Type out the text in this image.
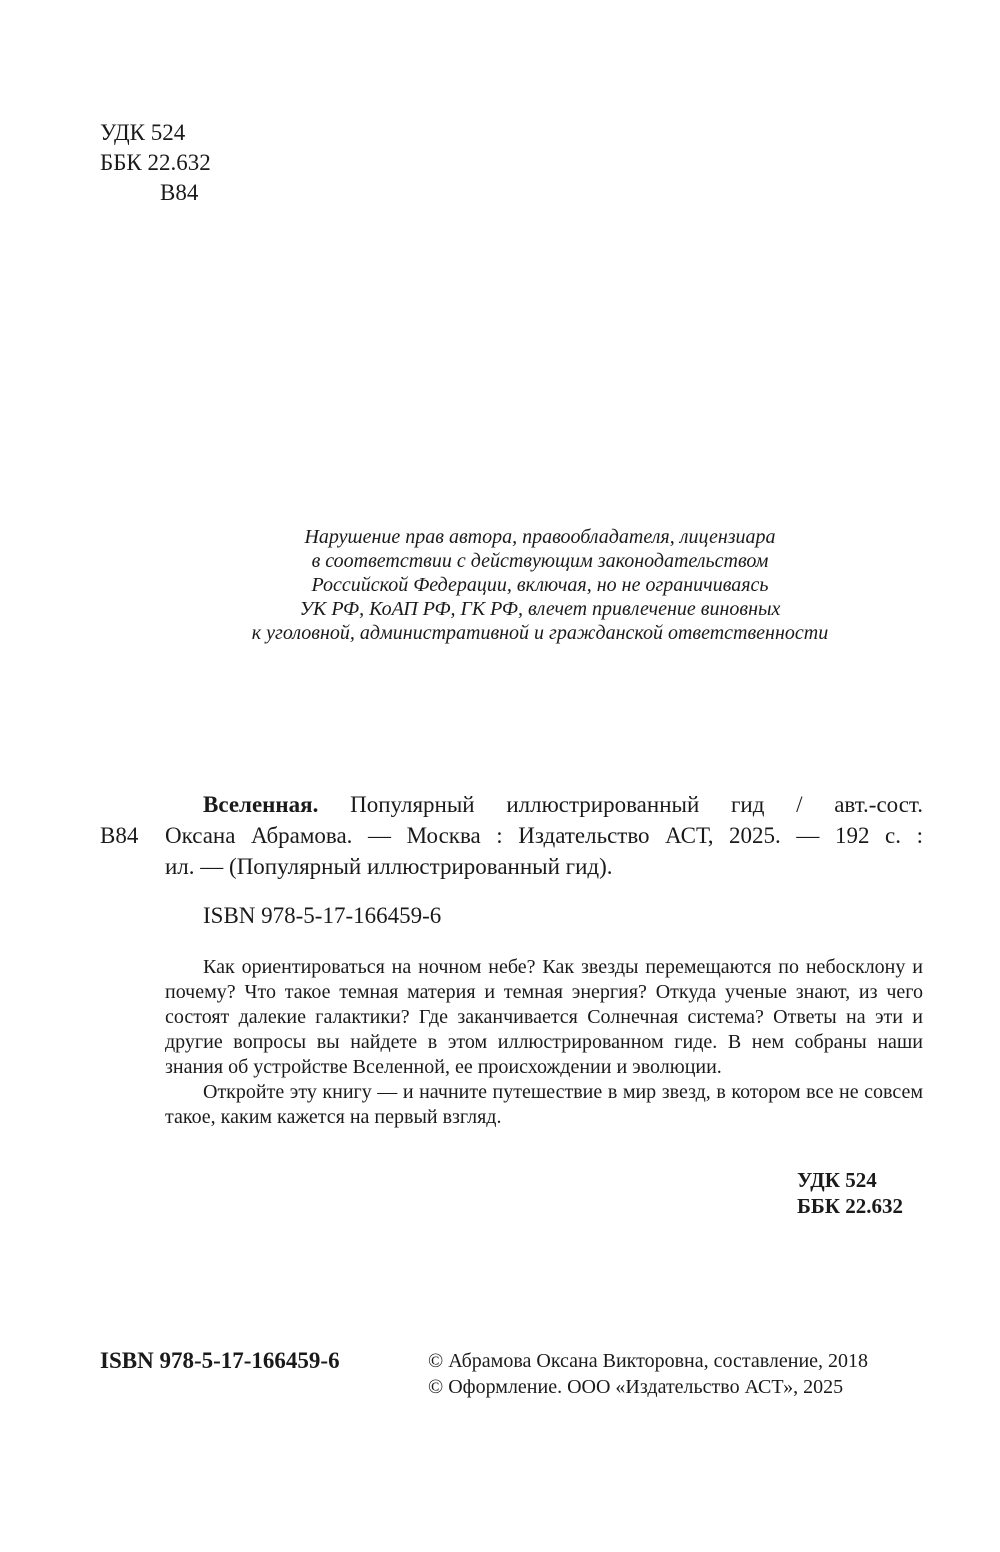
УДК 524
ББК 22.632
В84
Нарушение прав автора, правообладателя, лицензиара
в соответствии с действующим законодательством
Российской Федерации, включая, но не ограничиваясь
УК РФ, КоАП РФ, ГК РФ, влечет привлечение виновных
к уголовной, административной и гражданской ответственности
В84
Вселенная. Популярный иллюстрированный гид / авт.-сост.
Оксана Абрамова. — Москва : Издательство АСТ, 2025. — 192 с. :
ил. — (Популярный иллюстрированный гид).
ISBN 978-5-17-166459-6

Как ориентироваться на ночном небе? Как звезды перемещаются по небосклону и почему? Что такое темная материя и темная энергия? Откуда ученые знают, из чего состоят далекие галактики? Где заканчивается Солнечная система? Ответы на эти и другие вопросы вы найдете в этом иллюстрированном гиде. В нем собраны наши знания об устройстве Вселенной, ее происхождении и эволюции.

Откройте эту книгу — и начните путешествие в мир звезд, в котором все не совсем такое, каким кажется на первый взгляд.

УДК 524
ББК 22.632
ISBN 978-5-17-166459-6	© Абрамова Оксана Викторовна, составление, 2018
© Оформление. ООО «Издательство АСТ», 2025
